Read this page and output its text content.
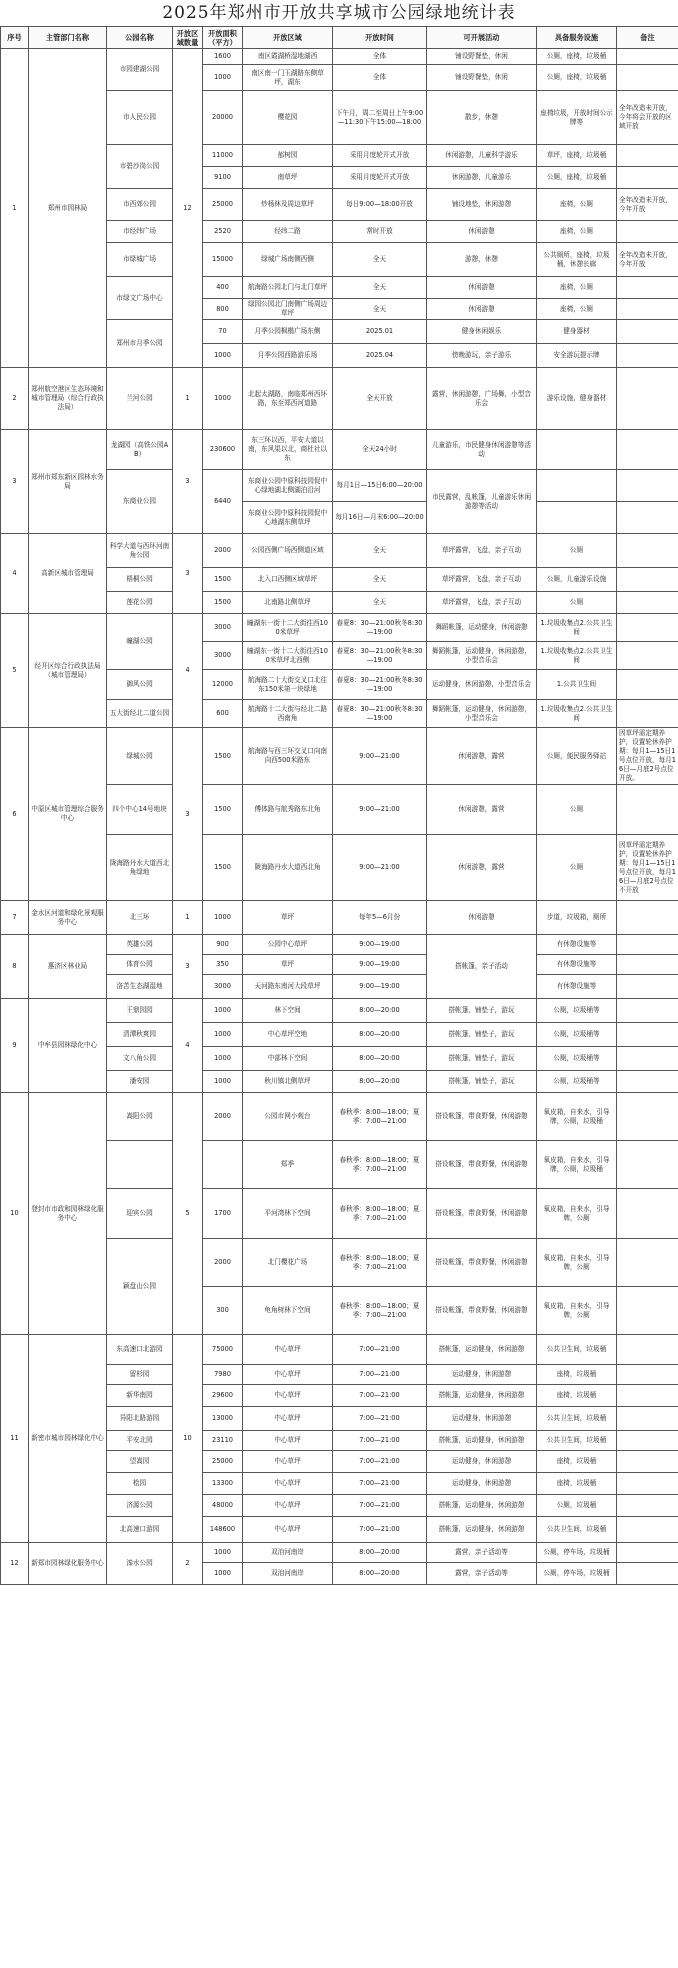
2025年郑州市开放共享城市公园绿地统计表
序号	主管部门名称	公园名称	开放区域数量	开放面积（平方）	开放区域	开放时间	可开展活动	具备服务设施	备注
1	郑州市园林局	市园建湖公园	12	1600	南区霞湖桥湿地湖西	全体	铺设野餐垫，休闲	公厕，座椅，垃圾桶	
				1000	南区南一门玉湖路东侧草坪，湖东	全体	铺设野餐垫，休闲	公厕，座椅，垃圾桶	
		市人民公园		20000	樱花园	下午月，周二至周日上午9:00—11:30下午15:00—18:00	散步，休憩	座椅垃圾，开放时间公示牌等	全年改造未开放，今年将会开放的区域开放
		市碧沙岗公园		11000	郁树园	采用月度轮开式开放	休闲游憩，儿童科学游乐	草坪，座椅，垃圾桶	
				9100	南草坪	采用月度轮开式开放	休闲游憩，儿童游乐	公厕，座椅，垃圾桶	
		市西郊公园		25000	炒杨林及周边草坪	每日9:00—18:00开放	铺设地垫，休闲游憩	座椅，公厕	全年改造未开放，今年开放
		市经纬广场		2520	经纬二路	常时开放	休闲游憩	座椅，公厕	
		市绿城广场		15000	绿城广场南侧西侧	全天	游憩，休憩	公共厕所，座椅，垃圾桶，休憩长廊	全年改造未开放，今年开放
		市绿文广场中心		400	航海路公园北门与北门草坪	全天	休闲游憩	座椅，公厕	
				800	绿园公园北门南侧广场周边草坪	全天	休闲游憩	座椅，公厕	
		郑州市月季公园		70	月季公园枫楷广场东侧	2025.01	健身休闲娱乐	健身器材	
				1000	月季公园西路游乐场	2025.04	傍晚游玩，亲子游乐	安全游玩提示牌	
2	郑州航空港区生态环境和城市管理局（综合行政执法局）	兰河公园	1	1000	北起太湖路，南临郑州西环路，东至郑西河道路	全天开放	露营，休闲游憩，广场舞，小型音乐会	游乐设施，健身器材	
3	郑州市郑东新区园林水务局	龙湖园（高铁公园AB）	3	230600	东三环以西，平安大道以南，东风渠以北，商杜社以东	全天24小时	儿童游乐，市民健身休闲游憩等活动		
		东商业公园		6440	东商业公园中原科技园促中心绿地湖北侧湖泊沿河	每月1日—15日6:00—20:00	市民露营，乱帐篷，儿童游乐休闲游憩等活动		
					东商业公园中原科技园促中心地湖东侧草坪	每月16日—月末6:00—20:00			
4	高新区城市管理局	科学大道与西环河南角公园	3	2000	公园西侧广场西侧道区域	全天	草坪露营，飞盘，亲子互动	公厕	
		梧桐公园		1500	北入口西侧区域草坪	全天	草坪露营，飞盘，亲子互动	公厕，儿童游乐设施	
		莲花公园		1500	北南路北侧草坪	全天	草坪露营，飞盘，亲子互动	公厕	
5	经开区综合行政执法局（城市管理局）	瞳湖公园	4	3000	瞳湖东一街十二大街往西100米草坪	春夏8：30—21:00秋冬8:30—19:00	舞蹈帐篷，运动健身，休闲游憩	1.垃圾收集点2.公共卫生间	
				3000	瞳湖东一街十二大街往西100米草坪北西侧	春夏8：30—21:00秋冬8:30—19:00	舞蹈帐篷，运动健身，休闲游憩，小型音乐会	1.垃圾收集点2.公共卫生间	
		御风公园		12000	航海路二十大街交叉口北往东150米第一块绿地	春夏8：30—21:00秋冬8:30—19:00	运动健身，休闲游憩，小型音乐会	1.公共卫生间	
		五大街经北二道公园		600	航海路十二大街与经北二路西南角	春夏8：30—21:00秋冬8:30—19:00	舞蹈帐篷，运动健身，休闲游憩，小型音乐会	1.垃圾收集点2.公共卫生间	
6	中原区城市管理综合服务中心	绿城公园	3	1500	航海路与西三环交叉口向南向西500米路东	9:00—21:00	休闲游憩，露营	公厕，便民服务驿站	因草坪需定期养护，设置轮休养护期：每月1—15日1号点位开放，每月16日—月底2号点位开放。
		四个中心14号地块		1500	傅体路与航秀路东北角	9:00—21:00	休闲游憩，露营	公厕	
		陇海路丹水大道西北角绿地		1500	陇海路丹水大道西北角	9:00—21:00	休闲游憩，露营	公厕	因草坪需定期养护，设置轮休养护期：每月1—15日1号点位开放，每月16日—月底2号点位不开放
7	金水区河道和绿化景观服务中心	北三环	1	1000	草坪	每年5—6月份	休闲游憩	步道，垃圾箱，厕所	
8	惠济区林业局	英雄公园	3	900	公园中心草坪	9:00—19:00	搭帐篷，亲子活动	有休憩设施等	
		体育公园		350	草坪	9:00—19:00		有休憩设施等	
		洛苦生态湖湿地		3000	天河路东南河大段草坪	9:00—19:00		有休憩设施等	
9	中牟县园林绿化中心	王鼎园园	4	1000	林下空间	8:00—20:00	搭帐篷，铺垫子，游玩	公厕，垃圾桶等	
		清潭秋爽园		1000	中心草坪空地	8:00—20:00	搭帐篷，铺垫子，游玩	公厕，垃圾桶等	
		文八角公园		1000	中部林下空间	8:00—20:00	搭帐篷，铺垫子，游玩	公厕，垃圾桶等	
		潘安园		1000	秋川镇北侧草坪	8:00—20:00	搭帐篷，铺垫子，游玩	公厕，垃圾桶等	
10	登封市市政和园林绿化服务中心	嵩阳公园	5	2000	公园市网小观台	春秋季：8:00—18:00；夏季：7:00—21:00	搭设帐篷，带食野餐，休闲游憩	氧皮箱，自来水，引导牌，公厕，垃圾桶	
					郑季	春秋季：8:00—18:00；夏季：7:00—21:00	搭设帐篷，带食野餐，休闲游憩	氧皮箱，自来水，引导牌，公厕，垃圾桶	
		迎宾公园		1700	平河湾林下空间	春秋季：8:00—18:00；夏季：7:00—21:00	搭设帐篷，带食野餐，休闲游憩	氧皮箱，自来水，引导牌，公厕	
		颖盘山公园		2000	北门樱花广场	春秋季：8:00—18:00；夏季：7:00—21:00	搭设帐篷，带食野餐，休闲游憩	氧皮箱，自来水，引导牌，公厕	
				300	龟角树林下空间	春秋季：8:00—18:00；夏季：7:00—21:00	搭设帐篷，带食野餐，休闲游憩	氧皮箱，自来水，引导牌，公厕	
11	新密市城市园林绿化中心	东高速口北游园	10	75000	中心草坪	7:00—21:00	搭帐篷，运动健身，休闲游憩	公共卫生间，垃圾桶	
		留杉园		7980	中心草坪	7:00—21:00	运动健身，休闲游憩	座椅，垃圾桶	
		新华南园		29600	中心草坪	7:00—21:00	搭帐篷，运动健身，休闲游憩	座椅，垃圾桶	
		异阳北路游园		13000	中心草坪	7:00—21:00	运动健身，休闲游憩	公共卫生间，垃圾桶	
		平安北园		23110	中心草坪	7:00—21:00	搭帐篷，运动健身，休闲游憩	公共卫生间，垃圾桶	
		望嵩园		25000	中心草坪	7:00—21:00	运动健身，休闲游憩	座椅，垃圾桶	
		桧园		13300	中心草坪	7:00—21:00	运动健身，休闲游憩	座椅，垃圾桶	
		济源公园		48000	中心草坪	7:00—21:00	搭帐篷，运动健身，休闲游憩	公厕，垃圾桶	
		北高速口游园		148600	中心草坪	7:00—21:00	搭帐篷，运动健身，休闲游憩	公共卫生间，垃圾桶	
12	新郑市园林绿化服务中心	溱水公园	2	1000	双洎河南岸	8:00—20:00	露营，亲子活动等	公厕，停车场，垃圾桶	
				1000	双洎河南岸	8:00—20:00	露营，亲子活动等	公厕，停车场，垃圾桶	
